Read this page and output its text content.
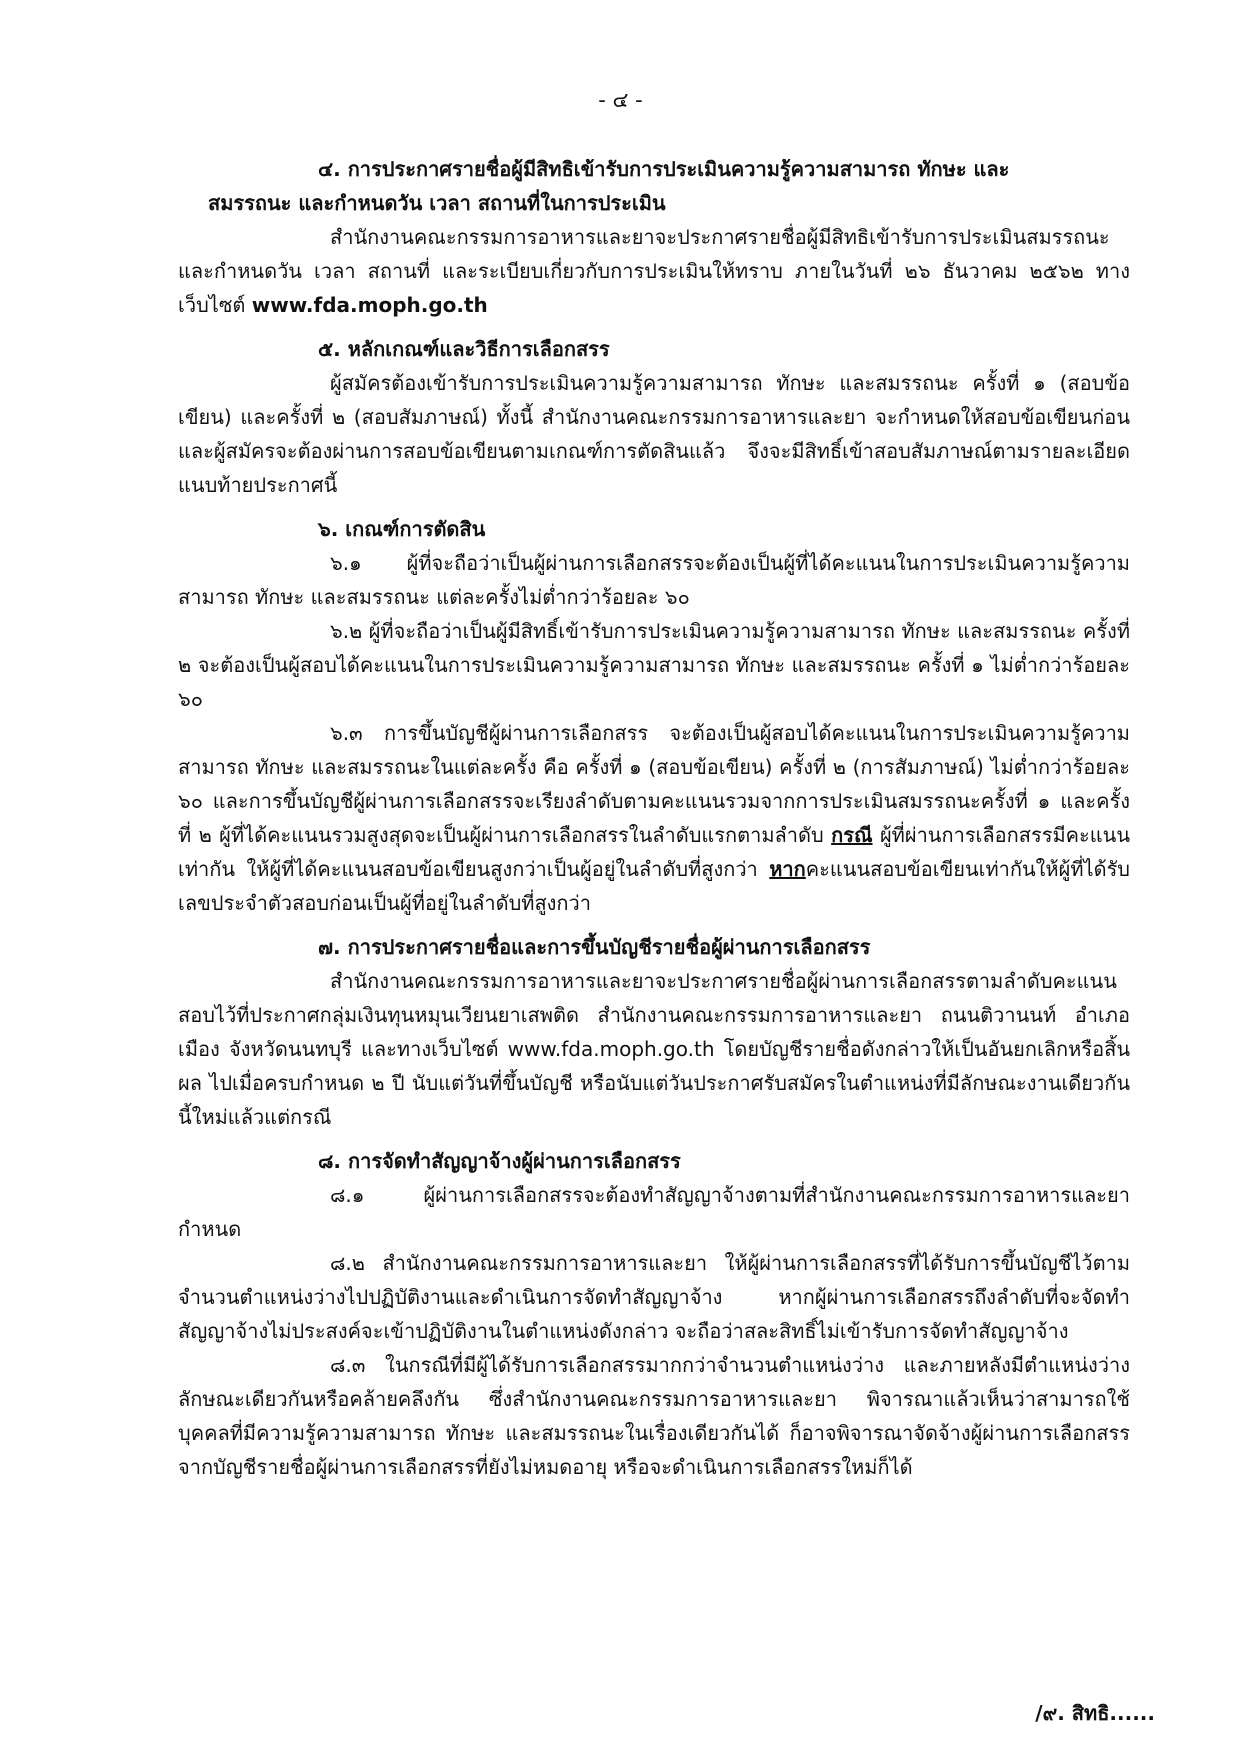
- ๔ -

๔. การประกาศรายชื่อผู้มีสิทธิเข้ารับการประเมินความรู้ความสามารถ ทักษะ และ

สมรรถนะ และกำหนดวัน เวลา สถานที่ในการประเมิน

สำนักงานคณะกรรมการอาหารและยาจะประกาศรายชื่อผู้มีสิทธิเข้ารับการประเมินสมรรถนะ และกำหนดวัน เวลา สถานที่ และระเบียบเกี่ยวกับการประเมินให้ทราบ ภายในวันที่ ๒๖ ธันวาคม ๒๕๖๒ ทางเว็บไซต์ www.fda.moph.go.th

๕. หลักเกณฑ์และวิธีการเลือกสรร

ผู้สมัครต้องเข้ารับการประเมินความรู้ความสามารถ ทักษะ และสมรรถนะ ครั้งที่ ๑ (สอบข้อเขียน) และครั้งที่ ๒ (สอบสัมภาษณ์) ทั้งนี้ สำนักงานคณะกรรมการอาหารและยา จะกำหนดให้สอบข้อเขียนก่อน และผู้สมัครจะต้องผ่านการสอบข้อเขียนตามเกณฑ์การตัดสินแล้ว จึงจะมีสิทธิ์เข้าสอบสัมภาษณ์ตามรายละเอียดแนบท้ายประกาศนี้

๖. เกณฑ์การตัดสิน

๖.๑ ผู้ที่จะถือว่าเป็นผู้ผ่านการเลือกสรรจะต้องเป็นผู้ที่ได้คะแนนในการประเมินความรู้ความสามารถ ทักษะ และสมรรถนะ แต่ละครั้งไม่ต่ำกว่าร้อยละ ๖๐

๖.๒ ผู้ที่จะถือว่าเป็นผู้มีสิทธิ์เข้ารับการประเมินความรู้ความสามารถ ทักษะ และสมรรถนะ ครั้งที่ ๒ จะต้องเป็นผู้สอบได้คะแนนในการประเมินความรู้ความสามารถ ทักษะ และสมรรถนะ ครั้งที่ ๑ ไม่ต่ำกว่าร้อยละ ๖๐

๖.๓ การขึ้นบัญชีผู้ผ่านการเลือกสรร จะต้องเป็นผู้สอบได้คะแนนในการประเมินความรู้ความสามารถ ทักษะ และสมรรถนะในแต่ละครั้ง คือ ครั้งที่ ๑ (สอบข้อเขียน) ครั้งที่ ๒ (การสัมภาษณ์) ไม่ต่ำกว่าร้อยละ ๖๐ และการขึ้นบัญชีผู้ผ่านการเลือกสรรจะเรียงลำดับตามคะแนนรวมจากการประเมินสมรรถนะครั้งที่ ๑ และครั้งที่ ๒ ผู้ที่ได้คะแนนรวมสูงสุดจะเป็นผู้ผ่านการเลือกสรรในลำดับแรกตามลำดับ กรณี ผู้ที่ผ่านการเลือกสรรมีคะแนนเท่ากัน ให้ผู้ที่ได้คะแนนสอบข้อเขียนสูงกว่าเป็นผู้อยู่ในลำดับที่สูงกว่า หากคะแนนสอบข้อเขียนเท่ากันให้ผู้ที่ได้รับเลขประจำตัวสอบก่อนเป็นผู้ที่อยู่ในลำดับที่สูงกว่า

๗. การประกาศรายชื่อและการขึ้นบัญชีรายชื่อผู้ผ่านการเลือกสรร

สำนักงานคณะกรรมการอาหารและยาจะประกาศรายชื่อผู้ผ่านการเลือกสรรตามลำดับคะแนนสอบไว้ที่ประกาศกลุ่มเงินทุนหมุนเวียนยาเสพติด สำนักงานคณะกรรมการอาหารและยา ถนนติวานนท์ อำเภอเมือง จังหวัดนนทบุรี และทางเว็บไซต์ www.fda.moph.go.th โดยบัญชีรายชื่อดังกล่าวให้เป็นอันยกเลิกหรือสิ้นผล ไปเมื่อครบกำหนด ๒ ปี นับแต่วันที่ขึ้นบัญชี หรือนับแต่วันประกาศรับสมัครในตำแหน่งที่มีลักษณะงานเดียวกันนี้ใหม่แล้วแต่กรณี

๘. การจัดทำสัญญาจ้างผู้ผ่านการเลือกสรร

๘.๑ ผู้ผ่านการเลือกสรรจะต้องทำสัญญาจ้างตามที่สำนักงานคณะกรรมการอาหารและยากำหนด

๘.๒ สำนักงานคณะกรรมการอาหารและยา ให้ผู้ผ่านการเลือกสรรที่ได้รับการขึ้นบัญชีไว้ตามจำนวนตำแหน่งว่างไปปฏิบัติงานและดำเนินการจัดทำสัญญาจ้าง หากผู้ผ่านการเลือกสรรถึงลำดับที่จะจัดทำสัญญาจ้างไม่ประสงค์จะเข้าปฏิบัติงานในตำแหน่งดังกล่าว จะถือว่าสละสิทธิ์ไม่เข้ารับการจัดทำสัญญาจ้าง

๘.๓ ในกรณีที่มีผู้ได้รับการเลือกสรรมากกว่าจำนวนตำแหน่งว่าง และภายหลังมีตำแหน่งว่างลักษณะเดียวกันหรือคล้ายคลึงกัน ซึ่งสำนักงานคณะกรรมการอาหารและยา พิจารณาแล้วเห็นว่าสามารถใช้บุคคลที่มีความรู้ความสามารถ ทักษะ และสมรรถนะในเรื่องเดียวกันได้ ก็อาจพิจารณาจัดจ้างผู้ผ่านการเลือกสรรจากบัญชีรายชื่อผู้ผ่านการเลือกสรรที่ยังไม่หมดอายุ หรือจะดำเนินการเลือกสรรใหม่ก็ได้

/๙. สิทธิ......
